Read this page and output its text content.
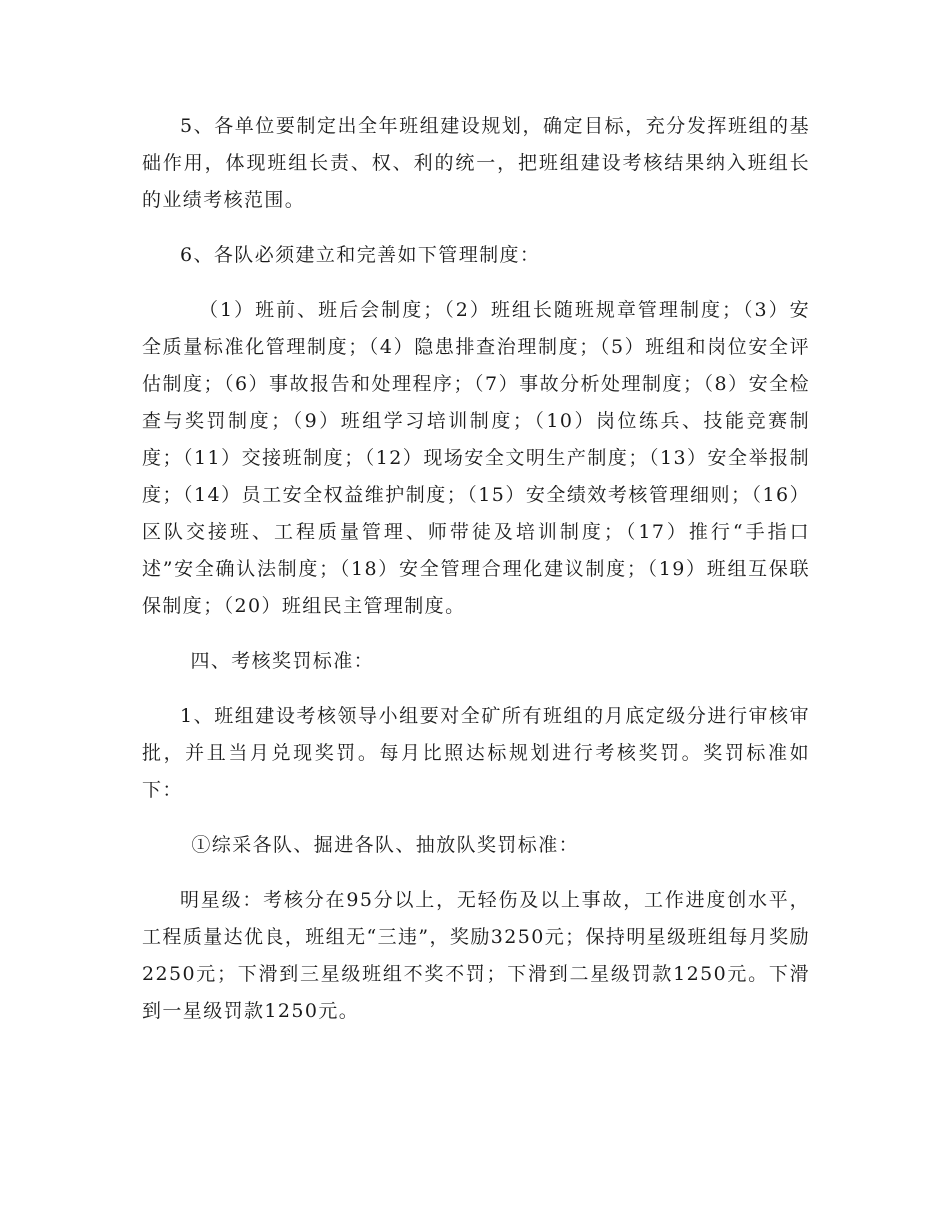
5、各单位要制定出全年班组建设规划，确定目标，充分发挥班组的基础作用，体现班组长责、权、利的统一，把班组建设考核结果纳入班组长的业绩考核范围。

6、各队必须建立和完善如下管理制度：

（1）班前、班后会制度；（2）班组长随班规章管理制度；（3）安全质量标准化管理制度；（4）隐患排查治理制度；（5）班组和岗位安全评估制度；（6）事故报告和处理程序；（7）事故分析处理制度；（8）安全检查与奖罚制度；（9）班组学习培训制度；（10）岗位练兵、技能竞赛制度；（11）交接班制度；（12）现场安全文明生产制度；（13）安全举报制度；（14）员工安全权益维护制度；（15）安全绩效考核管理细则；（16）区队交接班、工程质量管理、师带徒及培训制度；（17）推行“手指口述”安全确认法制度；（18）安全管理合理化建议制度；（19）班组互保联保制度；（20）班组民主管理制度。

四、考核奖罚标准：

1、班组建设考核领导小组要对全矿所有班组的月底定级分进行审核审批，并且当月兑现奖罚。每月比照达标规划进行考核奖罚。奖罚标准如下：

①综采各队、掘进各队、抽放队奖罚标准：

明星级：考核分在95分以上，无轻伤及以上事故，工作进度创水平，工程质量达优良，班组无“三违”，奖励3250元；保持明星级班组每月奖励2250元；下滑到三星级班组不奖不罚；下滑到二星级罚款1250元。下滑到一星级罚款1250元。
